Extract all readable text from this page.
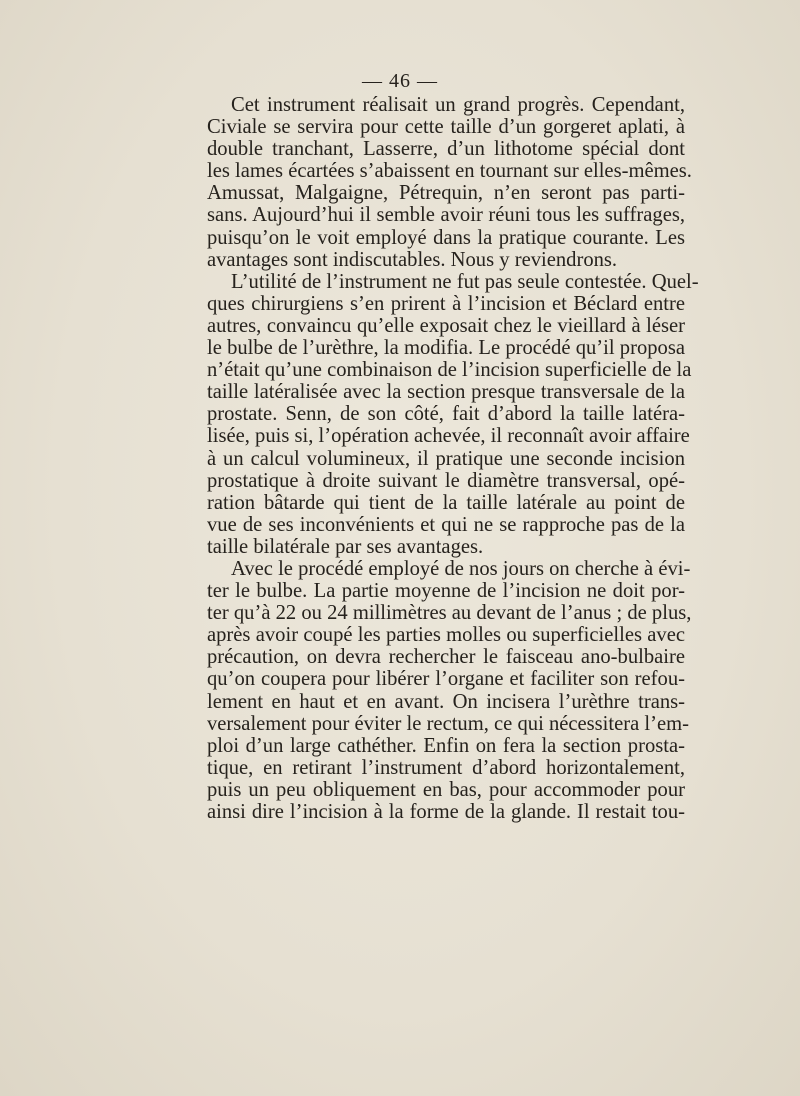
— 46 —
Cet instrument réalisait un grand progrès. Cependant,
Civiale se servira pour cette taille d’un gorgeret aplati, à
double tranchant, Lasserre, d’un lithotome spécial dont
les lames écartées s’abaissent en tournant sur elles-mêmes.
Amussat, Malgaigne, Pétrequin, n’en seront pas parti-
sans. Aujourd’hui il semble avoir réuni tous les suffrages,
puisqu’on le voit employé dans la pratique courante. Les
avantages sont indiscutables. Nous y reviendrons.
L’utilité de l’instrument ne fut pas seule contestée. Quel-
ques chirurgiens s’en prirent à l’incision et Béclard entre
autres, convaincu qu’elle exposait chez le vieillard à léser
le bulbe de l’urèthre, la modifia. Le procédé qu’il proposa
n’était qu’une combinaison de l’incision superficielle de la
taille latéralisée avec la section presque transversale de la
prostate. Senn, de son côté, fait d’abord la taille latéra-
lisée, puis si, l’opération achevée, il reconnaît avoir affaire
à un calcul volumineux, il pratique une seconde incision
prostatique à droite suivant le diamètre transversal, opé-
ration bâtarde qui tient de la taille latérale au point de
vue de ses inconvénients et qui ne se rapproche pas de la
taille bilatérale par ses avantages.
Avec le procédé employé de nos jours on cherche à évi-
ter le bulbe. La partie moyenne de l’incision ne doit por-
ter qu’à 22 ou 24 millimètres au devant de l’anus ; de plus,
après avoir coupé les parties molles ou superficielles avec
précaution, on devra rechercher le faisceau ano-bulbaire
qu’on coupera pour libérer l’organe et faciliter son refou-
lement en haut et en avant. On incisera l’urèthre trans-
versalement pour éviter le rectum, ce qui nécessitera l’em-
ploi d’un large cathéther. Enfin on fera la section prosta-
tique, en retirant l’instrument d’abord horizontalement,
puis un peu obliquement en bas, pour accommoder pour
ainsi dire l’incision à la forme de la glande. Il restait tou-
